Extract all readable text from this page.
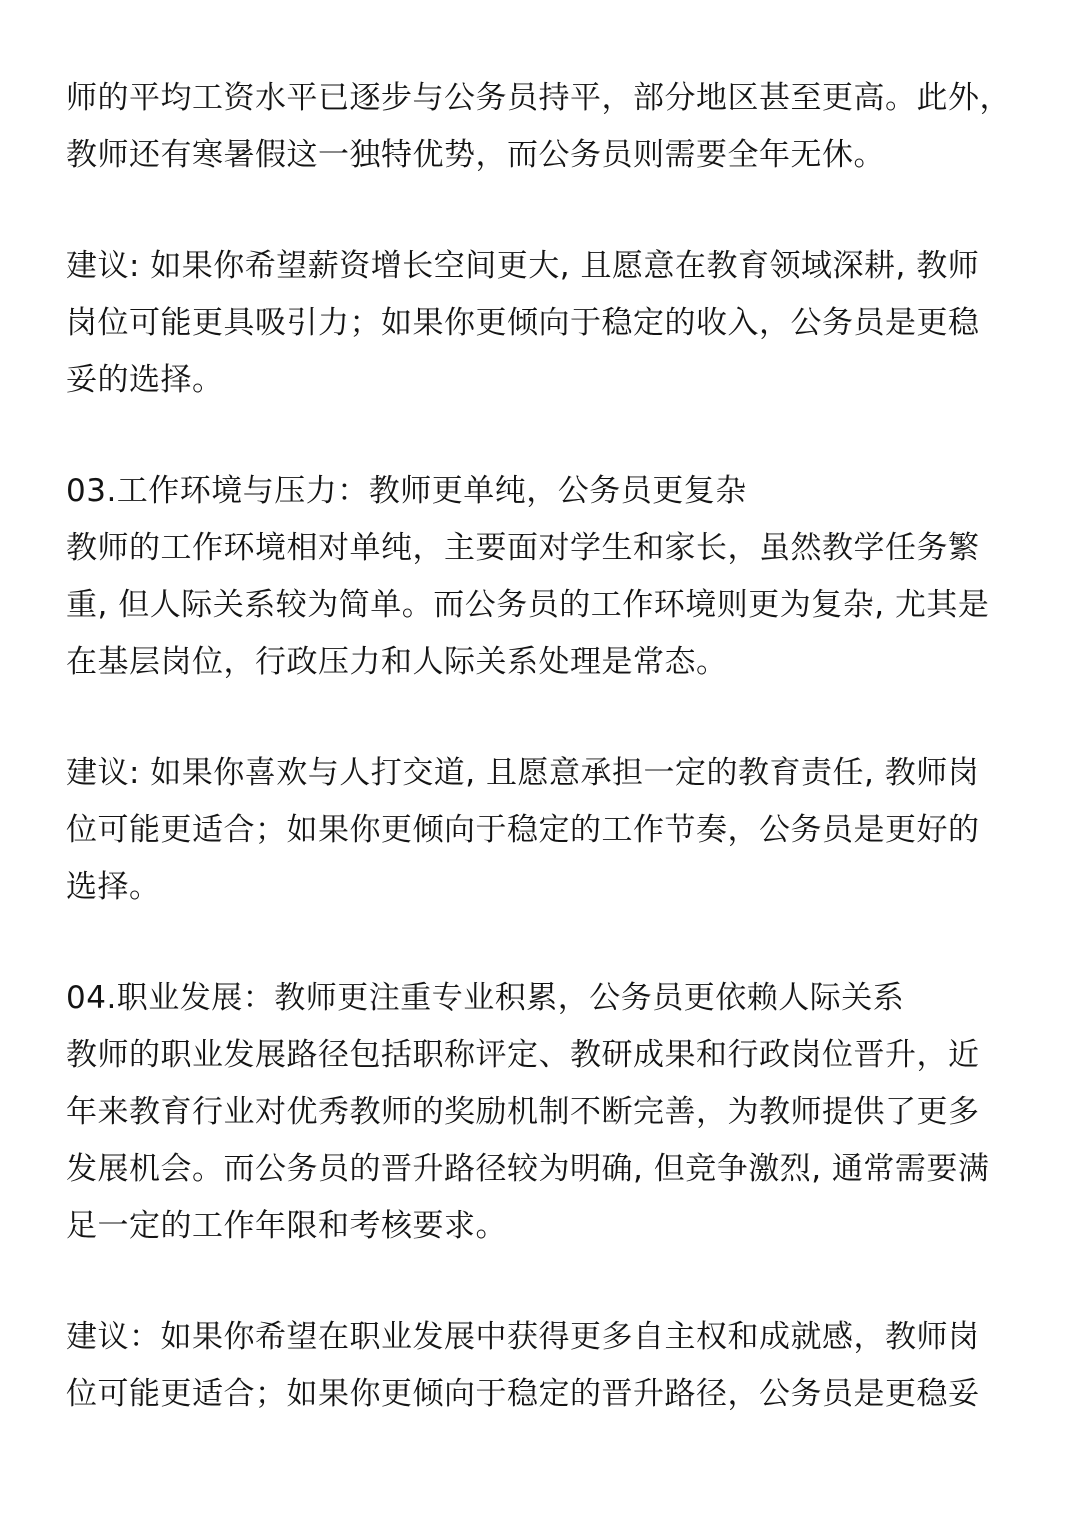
师的平均工资水平已逐步与公务员持平，部分地区甚至更高。此外，
教师还有寒暑假这一独特优势，而公务员则需要全年无休。
建议: 如果你希望薪资增长空间更大, 且愿意在教育领域深耕, 教师
岗位可能更具吸引力；如果你更倾向于稳定的收入，公务员是更稳
妥的选择。
03.工作环境与压力：教师更单纯，公务员更复杂
教师的工作环境相对单纯，主要面对学生和家长，虽然教学任务繁
重, 但人际关系较为简单。而公务员的工作环境则更为复杂, 尤其是
在基层岗位，行政压力和人际关系处理是常态。
建议: 如果你喜欢与人打交道, 且愿意承担一定的教育责任, 教师岗
位可能更适合；如果你更倾向于稳定的工作节奏，公务员是更好的
选择。
04.职业发展：教师更注重专业积累，公务员更依赖人际关系
教师的职业发展路径包括职称评定、教研成果和行政岗位晋升，近
年来教育行业对优秀教师的奖励机制不断完善，为教师提供了更多
发展机会。而公务员的晋升路径较为明确, 但竞争激烈, 通常需要满
足一定的工作年限和考核要求。
建议：如果你希望在职业发展中获得更多自主权和成就感，教师岗
位可能更适合；如果你更倾向于稳定的晋升路径，公务员是更稳妥
